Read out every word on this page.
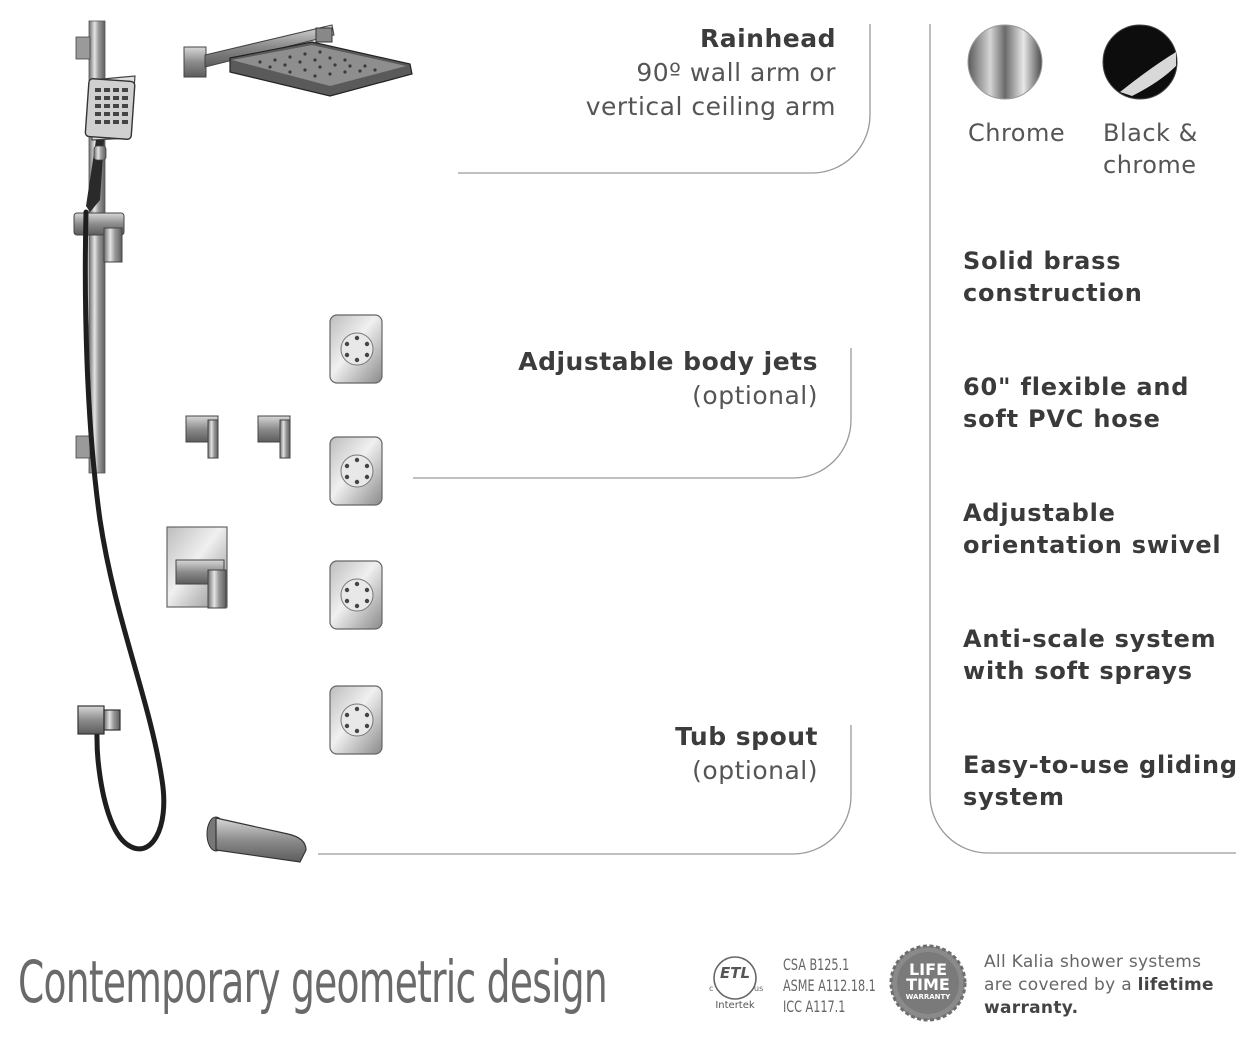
Rainhead
90º wall arm or
vertical ceiling arm
Adjustable body jets
(optional)
Tub spout
(optional)
Chrome Black &
chrome
Solid brass
construction
60" flexible and
soft PVC hose
Adjustable
orientation swivel
Anti-scale system
with soft sprays
Easy-to-use gliding
system
Contemporary geometric design	ETL
c	us
Intertek
CSA B125.1
ASME A112.18.1
ICC A117.1
LIFE
TIME
WARRANTY
All Kalia shower systems are covered by a lifetime warranty.
